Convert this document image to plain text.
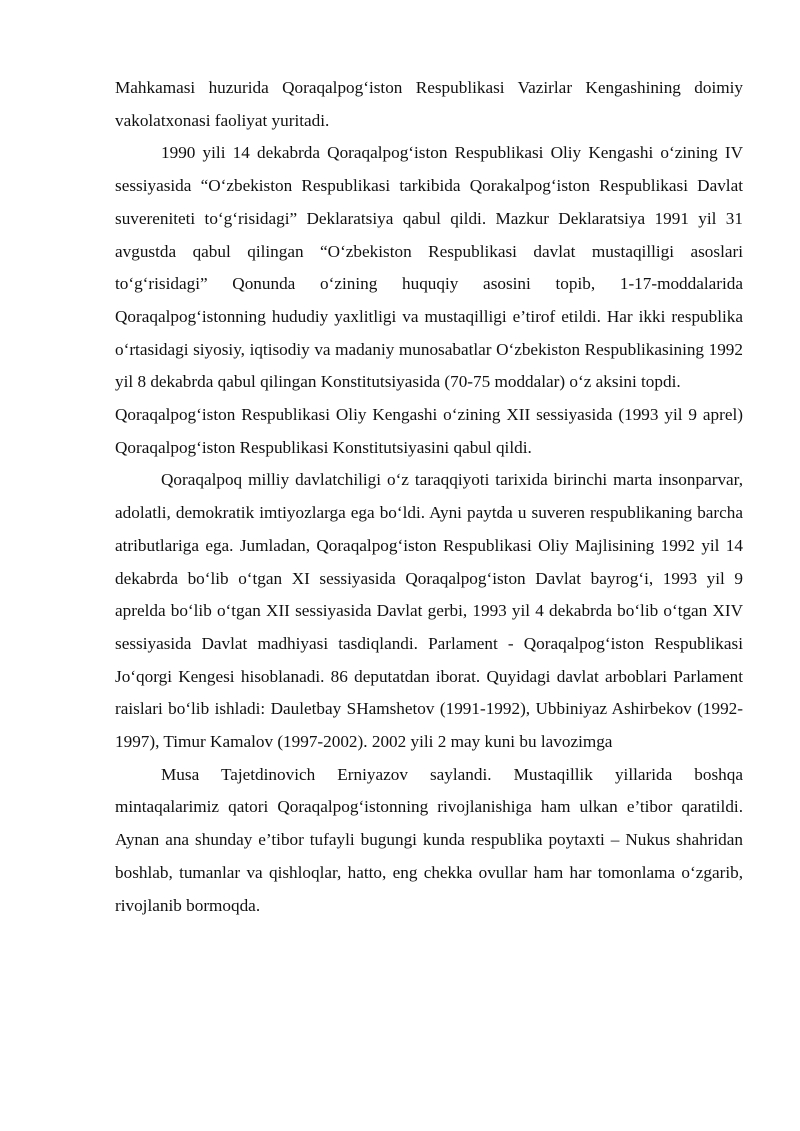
Mahkamasi huzurida Qoraqalpog‘iston Respublikasi Vazirlar Kengashining doimiy vakolatxonasi faoliyat yuritadi.

1990 yili 14 dekabrda Qoraqalpog‘iston Respublikasi Oliy Kengashi o‘zining IV sessiyasida “O‘zbekiston Respublikasi tarkibida Qorakalpog‘iston Respublikasi Davlat suvereniteti to‘g‘risidagi” Deklaratsiya qabul qildi. Mazkur Deklaratsiya 1991 yil 31 avgustda qabul qilingan “O‘zbekiston Respublikasi davlat mustaqilligi asoslari to‘g‘risidagi” Qonunda o‘zining huquqiy asosini topib, 1-17-moddalarida Qoraqalpog‘istonning hududiy yaxlitligi va mustaqilligi e’tirof etildi. Har ikki respublika o‘rtasidagi siyosiy, iqtisodiy va madaniy munosabatlar O‘zbekiston Respublikasining 1992 yil 8 dekabrda qabul qilingan Konstitutsiyasida (70-75 moddalar) o‘z aksini topdi.

Qoraqalpog‘iston Respublikasi Oliy Kengashi o‘zining XII sessiyasida (1993 yil 9 aprel) Qoraqalpog‘iston Respublikasi Konstitutsiyasini qabul qildi.

Qoraqalpoq milliy davlatchiligi o‘z taraqqiyoti tarixida birinchi marta insonparvar, adolatli, demokratik imtiyozlarga ega bo‘ldi. Ayni paytda u suveren respublikaning barcha atributlariga ega. Jumladan, Qoraqalpog‘iston Respublikasi Oliy Majlisining 1992 yil 14 dekabrda bo‘lib o‘tgan XI sessiyasida Qoraqalpog‘iston Davlat bayrog‘i, 1993 yil 9 aprelda bo‘lib o‘tgan XII sessiyasida Davlat gerbi, 1993 yil 4 dekabrda bo‘lib o‘tgan XIV sessiyasida Davlat madhiyasi tasdiqlandi. Parlament - Qoraqalpog‘iston Respublikasi Jo‘qorgi Kengesi hisoblanadi. 86 deputatdan iborat. Quyidagi davlat arboblari Parlament raislari bo‘lib ishladi: Dauletbay SHamshetov (1991-1992), Ubbiniyaz Ashirbekov (1992-1997), Timur Kamalov (1997-2002). 2002 yili 2 may kuni bu lavozimga

Musa Tajetdinovich Erniyazov saylandi. Mustaqillik yillarida boshqa mintaqalarimiz qatori Qoraqalpog‘istonning rivojlanishiga ham ulkan e’tibor qaratildi. Aynan ana shunday e’tibor tufayli bugungi kunda respublika poytaxti – Nukus shahridan boshlab, tumanlar va qishloqlar, hatto, eng chekka ovullar ham har tomonlama o‘zgarib, rivojlanib bormoqda.
